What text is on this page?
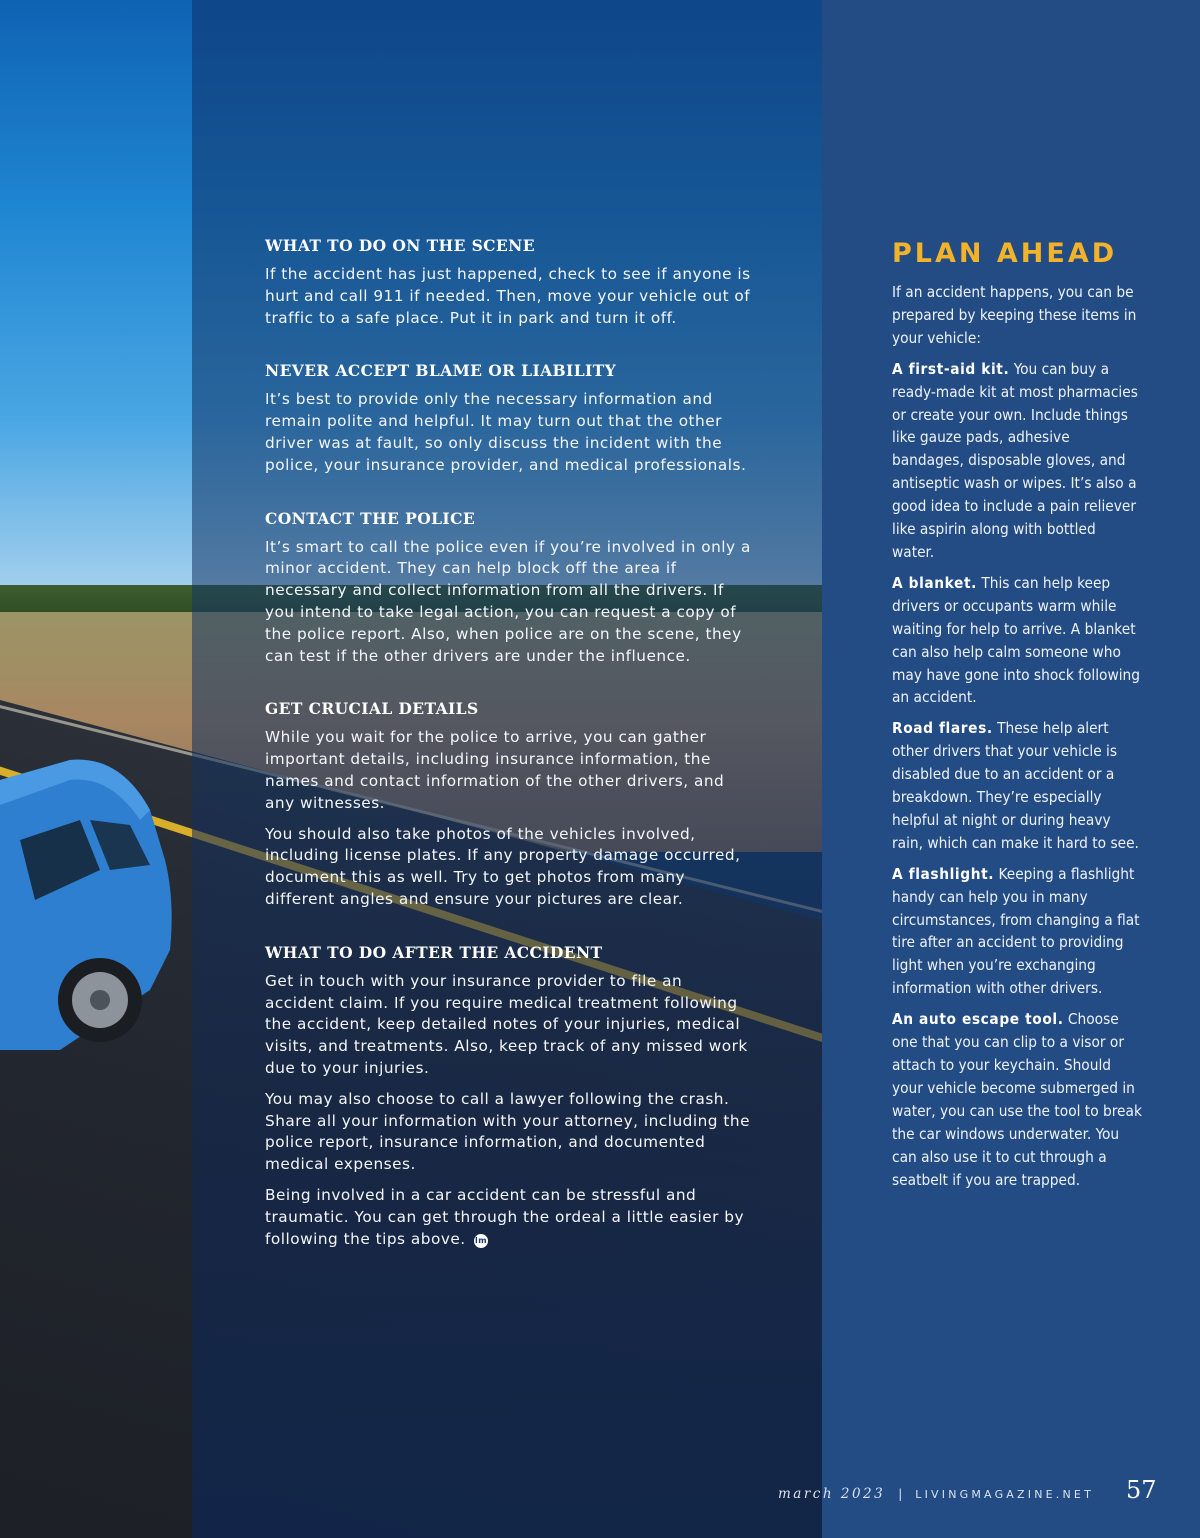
WHAT TO DO ON THE SCENE

If the accident has just happened, check to see if anyone is hurt and call 911 if needed. Then, move your vehicle out of traffic to a safe place. Put it in park and turn it off.

NEVER ACCEPT BLAME OR LIABILITY

It’s best to provide only the necessary information and remain polite and helpful. It may turn out that the other driver was at fault, so only discuss the incident with the police, your insurance provider, and medical professionals.

CONTACT THE POLICE

It’s smart to call the police even if you’re involved in only a minor accident. They can help block off the area if necessary and collect information from all the drivers. If you intend to take legal action, you can request a copy of the police report. Also, when police are on the scene, they can test if the other drivers are under the influence.

GET CRUCIAL DETAILS

While you wait for the police to arrive, you can gather important details, including insurance information, the names and contact information of the other drivers, and any witnesses.

You should also take photos of the vehicles involved, including license plates. If any property damage occurred, document this as well. Try to get photos from many different angles and ensure your pictures are clear.

WHAT TO DO AFTER THE ACCIDENT

Get in touch with your insurance provider to file an accident claim. If you require medical treatment following the accident, keep detailed notes of your injuries, medical visits, and treatments. Also, keep track of any missed work due to your injuries.

You may also choose to call a lawyer following the crash. Share all your information with your attorney, including the police report, insurance information, and documented medical expenses.

Being involved in a car accident can be stressful and traumatic. You can get through the ordeal a little easier by following the tips above. lm

PLAN AHEAD

If an accident happens, you can be prepared by keeping these items in your vehicle:

A first-aid kit. You can buy a ready-made kit at most pharmacies or create your own. Include things like gauze pads, adhesive bandages, disposable gloves, and antiseptic wash or wipes. It’s also a good idea to include a pain reliever like aspirin along with bottled water.

A blanket. This can help keep drivers or occupants warm while waiting for help to arrive. A blanket can also help calm someone who may have gone into shock following an accident.

Road flares. These help alert other drivers that your vehicle is disabled due to an accident or a breakdown. They’re especially helpful at night or during heavy rain, which can make it hard to see.

A flashlight. Keeping a flashlight handy can help you in many circumstances, from changing a flat tire after an accident to providing light when you’re exchanging information with other drivers.

An auto escape tool. Choose one that you can clip to a visor or attach to your keychain. Should your vehicle become submerged in water, you can use the tool to break the car windows underwater. You can also use it to cut through a seatbelt if you are trapped.

march 2023 | LIVINGMAGAZINE.NET 57
